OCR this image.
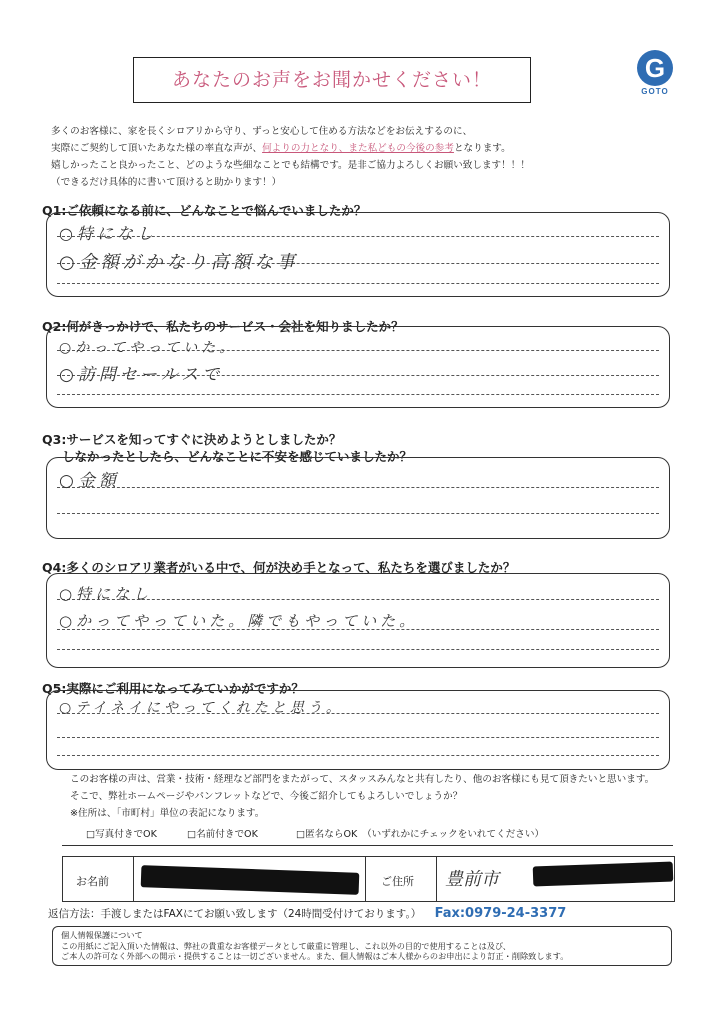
あなたのお声をお聞かせください！	G
GOTO
多くのお客様に、家を長くシロアリから守り、ずっと安心して住める方法などをお伝えするのに、
実際にご契約して頂いたあなた様の率直な声が、何よりの力となり、また私どもの今後の参考となります。
嬉しかったこと良かったこと、どのような些細なことでも結構です。是非ご協力よろしくお願い致します！！！
（できるだけ具体的に書いて頂けると助かります！）
Q1:ご依頼になる前に、どんなことで悩んでいましたか？
○特になし
○金額がかなり高額な事
Q2:何がきっかけで、私たちのサービス・会社を知りましたか？
○かってやっていた。
○訪問セールスで
Q3:サービスを知ってすぐに決めようとしましたか？
しなかったとしたら、どんなことに不安を感じていましたか？
○金額
Q4:多くのシロアリ業者がいる中で、何が決め手となって、私たちを選びましたか？
○特になし
○かってやっていた。隣でもやっていた。
Q5:実際にご利用になってみていかがですか？
○テイネイにやってくれたと思う。
このお客様の声は、営業・技術・経理など部門をまたがって、スタッスみんなと共有したり、他のお客様にも見て頂きたいと思います。
そこで、弊社ホームページやパンフレットなどで、今後ご紹介してもよろしいでしょうか？
※住所は、「市町村」単位の表記になります。
□写真付きでOK	□名前付きでOK	□匿名ならOK　（いずれかにチェックをいれてください）
お名前	ご住所 豊前市
返信方法：手渡しまたはFAXにてお願い致します（24時間受付けております。） Fax:0979-24-3377
個人情報保護について
この用紙にご記入頂いた情報は、弊社の貴重なお客様データとして厳重に管理し、これ以外の目的で使用することは及び、
ご本人の許可なく外部への開示・提供することは一切ございません。また、個人情報はご本人様からのお申出により訂正・削除致します。
